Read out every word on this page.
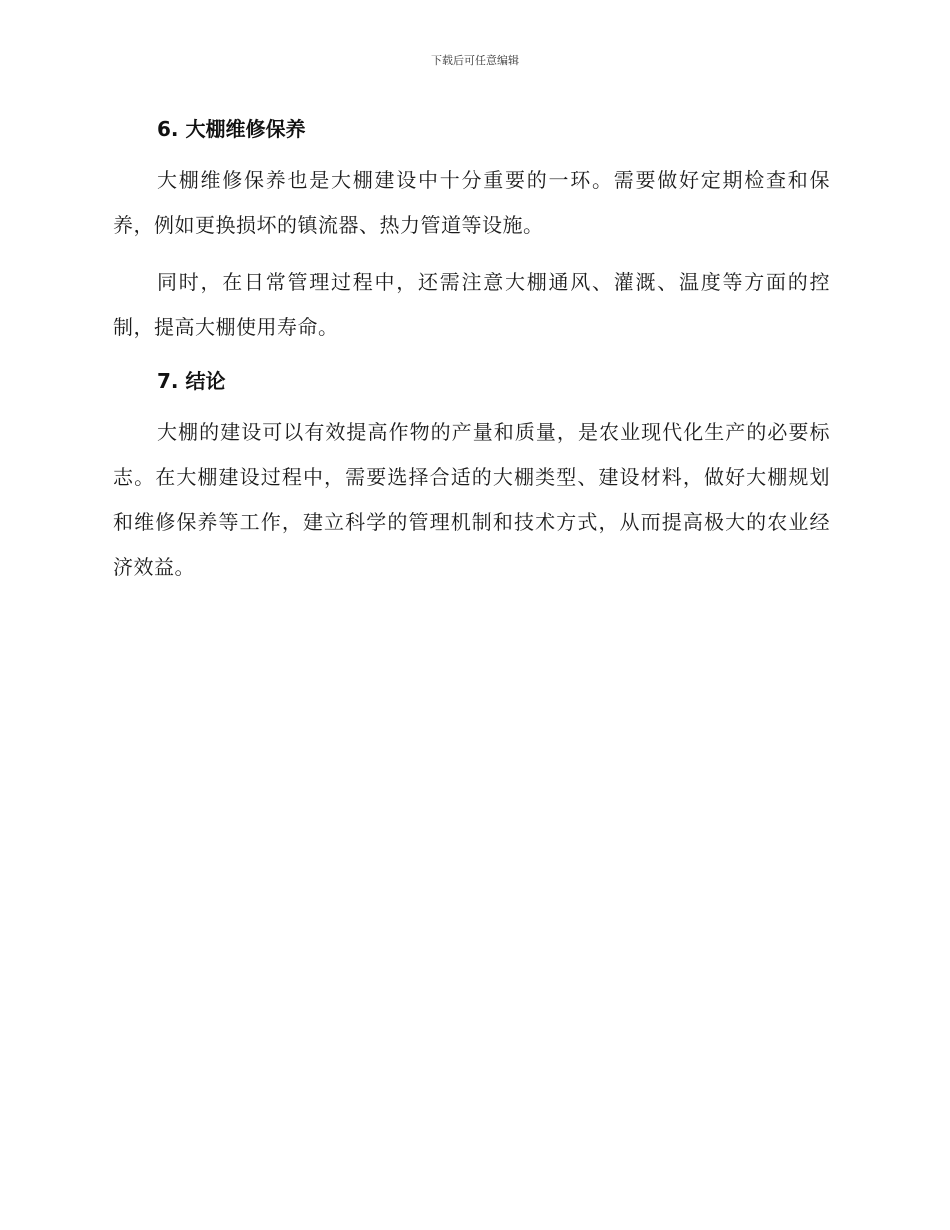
下载后可任意编辑
6. 大棚维修保养

大棚维修保养也是大棚建设中十分重要的一环。需要做好定期检查和保养，例如更换损坏的镇流器、热力管道等设施。

同时，在日常管理过程中，还需注意大棚通风、灌溉、温度等方面的控制，提高大棚使用寿命。

7. 结论

大棚的建设可以有效提高作物的产量和质量，是农业现代化生产的必要标志。在大棚建设过程中，需要选择合适的大棚类型、建设材料，做好大棚规划和维修保养等工作，建立科学的管理机制和技术方式，从而提高极大的农业经济效益。
